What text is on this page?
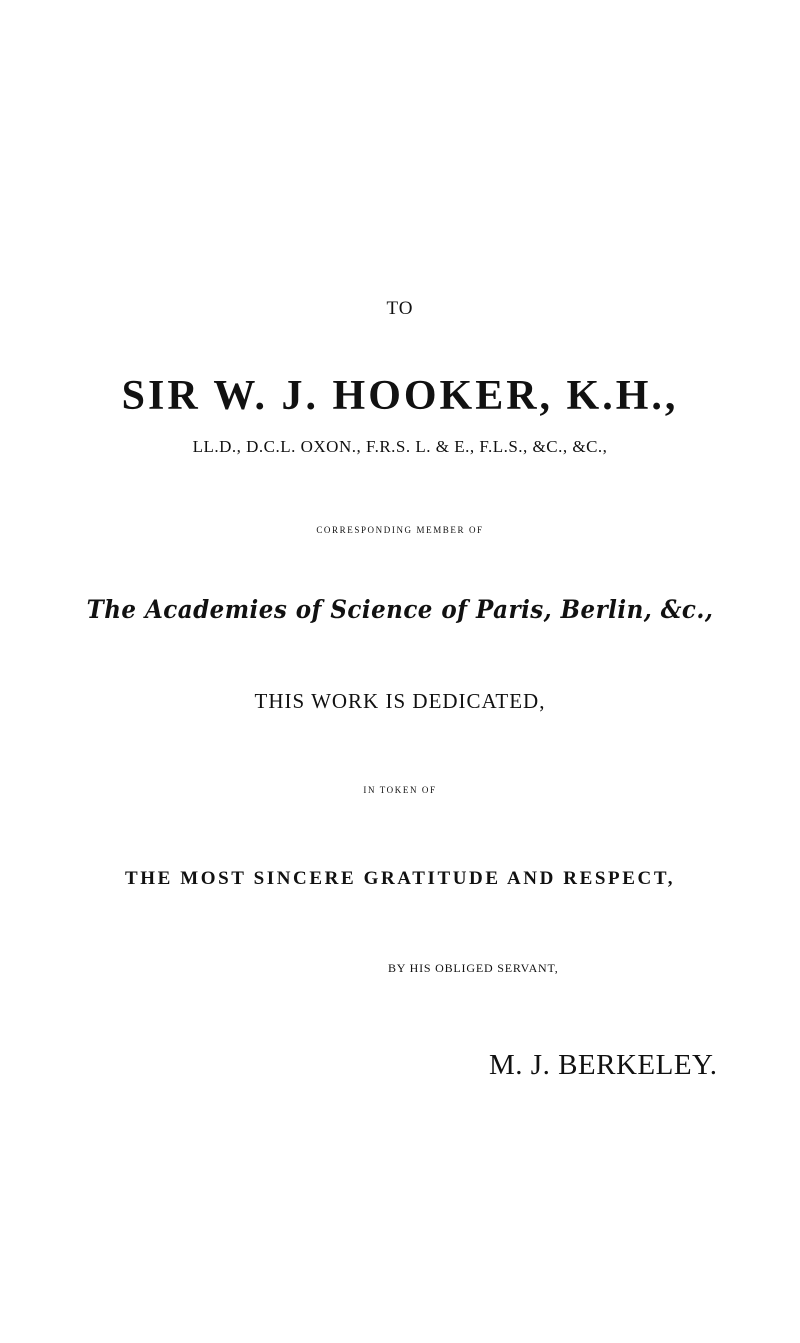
TO
SIR W. J. HOOKER, K.H.,
LL.D., D.C.L. OXON., F.R.S. L. & E., F.L.S., &C., &C.,
CORRESPONDING MEMBER OF
The Academies of Science of Paris, Berlin, &c.,
THIS WORK IS DEDICATED,
IN TOKEN OF
THE MOST SINCERE GRATITUDE AND RESPECT,
BY HIS OBLIGED SERVANT,
M. J. BERKELEY.
